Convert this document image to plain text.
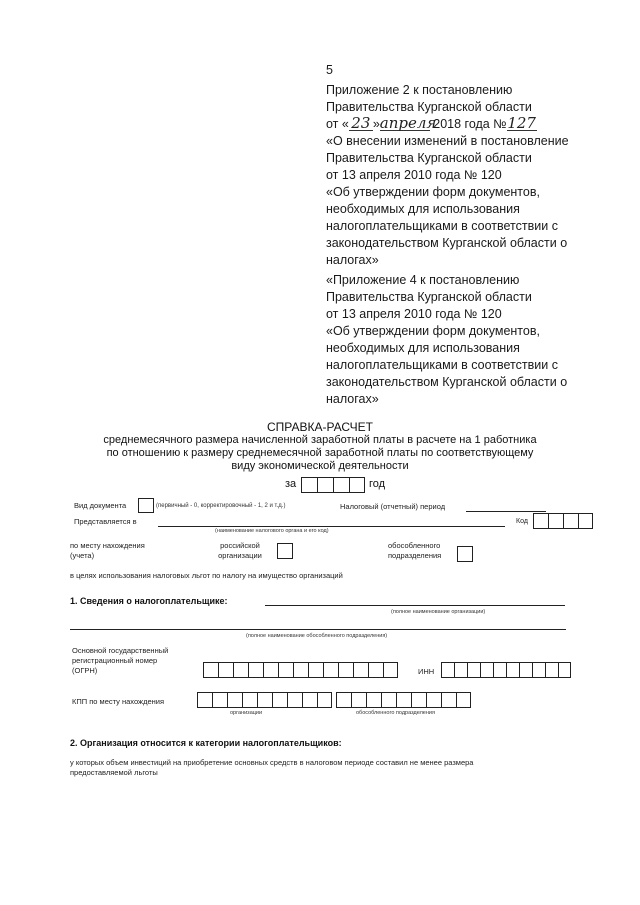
5
Приложение 2 к постановлению
Правительства Курганской области
от « 23 »апреля 2018 года №127
«О внесении изменений в постановление
Правительства Курганской области
от 13 апреля 2010 года № 120
«Об утверждении форм документов,
необходимых для использования
налогоплательщиками в соответствии с
законодательством Курганской области о
налогах»
«Приложение 4 к постановлению
Правительства Курганской области
от 13 апреля 2010 года № 120
«Об утверждении форм документов,
необходимых для использования
налогоплательщиками в соответствии с
законодательством Курганской области о
налогах»
СПРАВКА-РАСЧЕТ
среднемесячного размера начисленной заработной платы в расчете на 1 работника
по отношению к размеру среднемесячной заработной платы по соответствующему
виду экономической деятельности
за	год
Вид документа	(первичный - 0, корректировочный - 1, 2 и т.д.)	Налоговый (отчетный) период
Представляется в
(наименование налогового органа и его код)
Код
по месту нахождения
(учета)
российской
организации
обособленного
подразделения
в целях использования налоговых льгот по налогу на имущество организаций
1. Сведения о налогоплательщике:
(полное наименование организации)
(полное наименование обособленного подразделения)
Основной государственный
регистрационный номер
(ОГРН)	ИНН
КПП по месту нахождения
организации	обособленного подразделения
2. Организация относится к категории налогоплательщиков:
у которых объем инвестиций на приобретение основных средств в налоговом периоде составил не менее размера
предоставляемой льготы
